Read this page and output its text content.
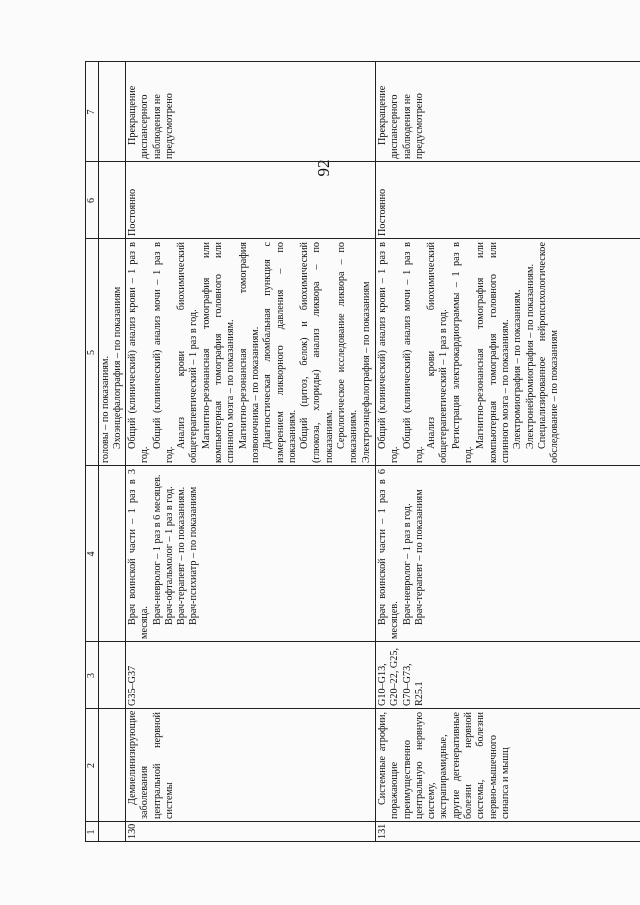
92
1
2
3
4
5
6
7
головы – по показаниям. Эхоэнцефалография – по показаниям
130
Демиелинизирующие заболевания центральной нервной системы
G35–G37
Врач воинской части – 1 раз в 3 месяца. Врач-невролог – 1 раз в 6 месяцев. Врач-офтальмолог – 1 раз в год. Врач-терапевт – по показаниям. Врач-психиатр – по показаниям
Общий (клинический) анализ крови – 1 раз в год.
Общий (клинический) анализ мочи – 1 раз в год.
Анализ крови биохимический общетерапевтический – 1 раз в год. Магнитно-резонансная томография или компьютерная томография головного или спинного мозга – по показаниям. Магнитно-резонансная томография позвоночника – по показаниям. Диагностическая люмбальная пункция с измерением ликворного давления – по показаниям. Общий (цитоз, белок) и биохимический (глюкоза, хлориды) анализ ликвора – по показаниям. Серологическое исследование ликвора – по показаниям. Электроэнцефалография – по показаниям
Постоянно
Прекращение диспансерного наблюдения не предусмотрено
131
Системные атрофии, поражающие преимущественно центральную нервную систему, экстрапирамидные, другие дегенеративные болезни нервной системы, болезни нервно-мышечного синапса и мышц
G10–G13, G20–22, G25, G70–G73, R25.1
Врач воинской части – 1 раз в 6 месяцев. Врач-невролог – 1 раз в год. Врач-терапевт – по показаниям
Общий (клинический) анализ крови – 1 раз в год.
Общий (клинический) анализ мочи – 1 раз в год.
Анализ крови биохимический общетерапевтический – 1 раз в год. Регистрация электрокардиограммы – 1 раз в год.
Магнитно-резонансная томография или компьютерная томография головного или спинного мозга – по показаниям. Электромиография – по показаниям. Электронейромиография – по показаниям. Специализированное нейропсихологическое обследование – по показаниям
Постоянно
Прекращение диспансерного наблюдения не предусмотрено
